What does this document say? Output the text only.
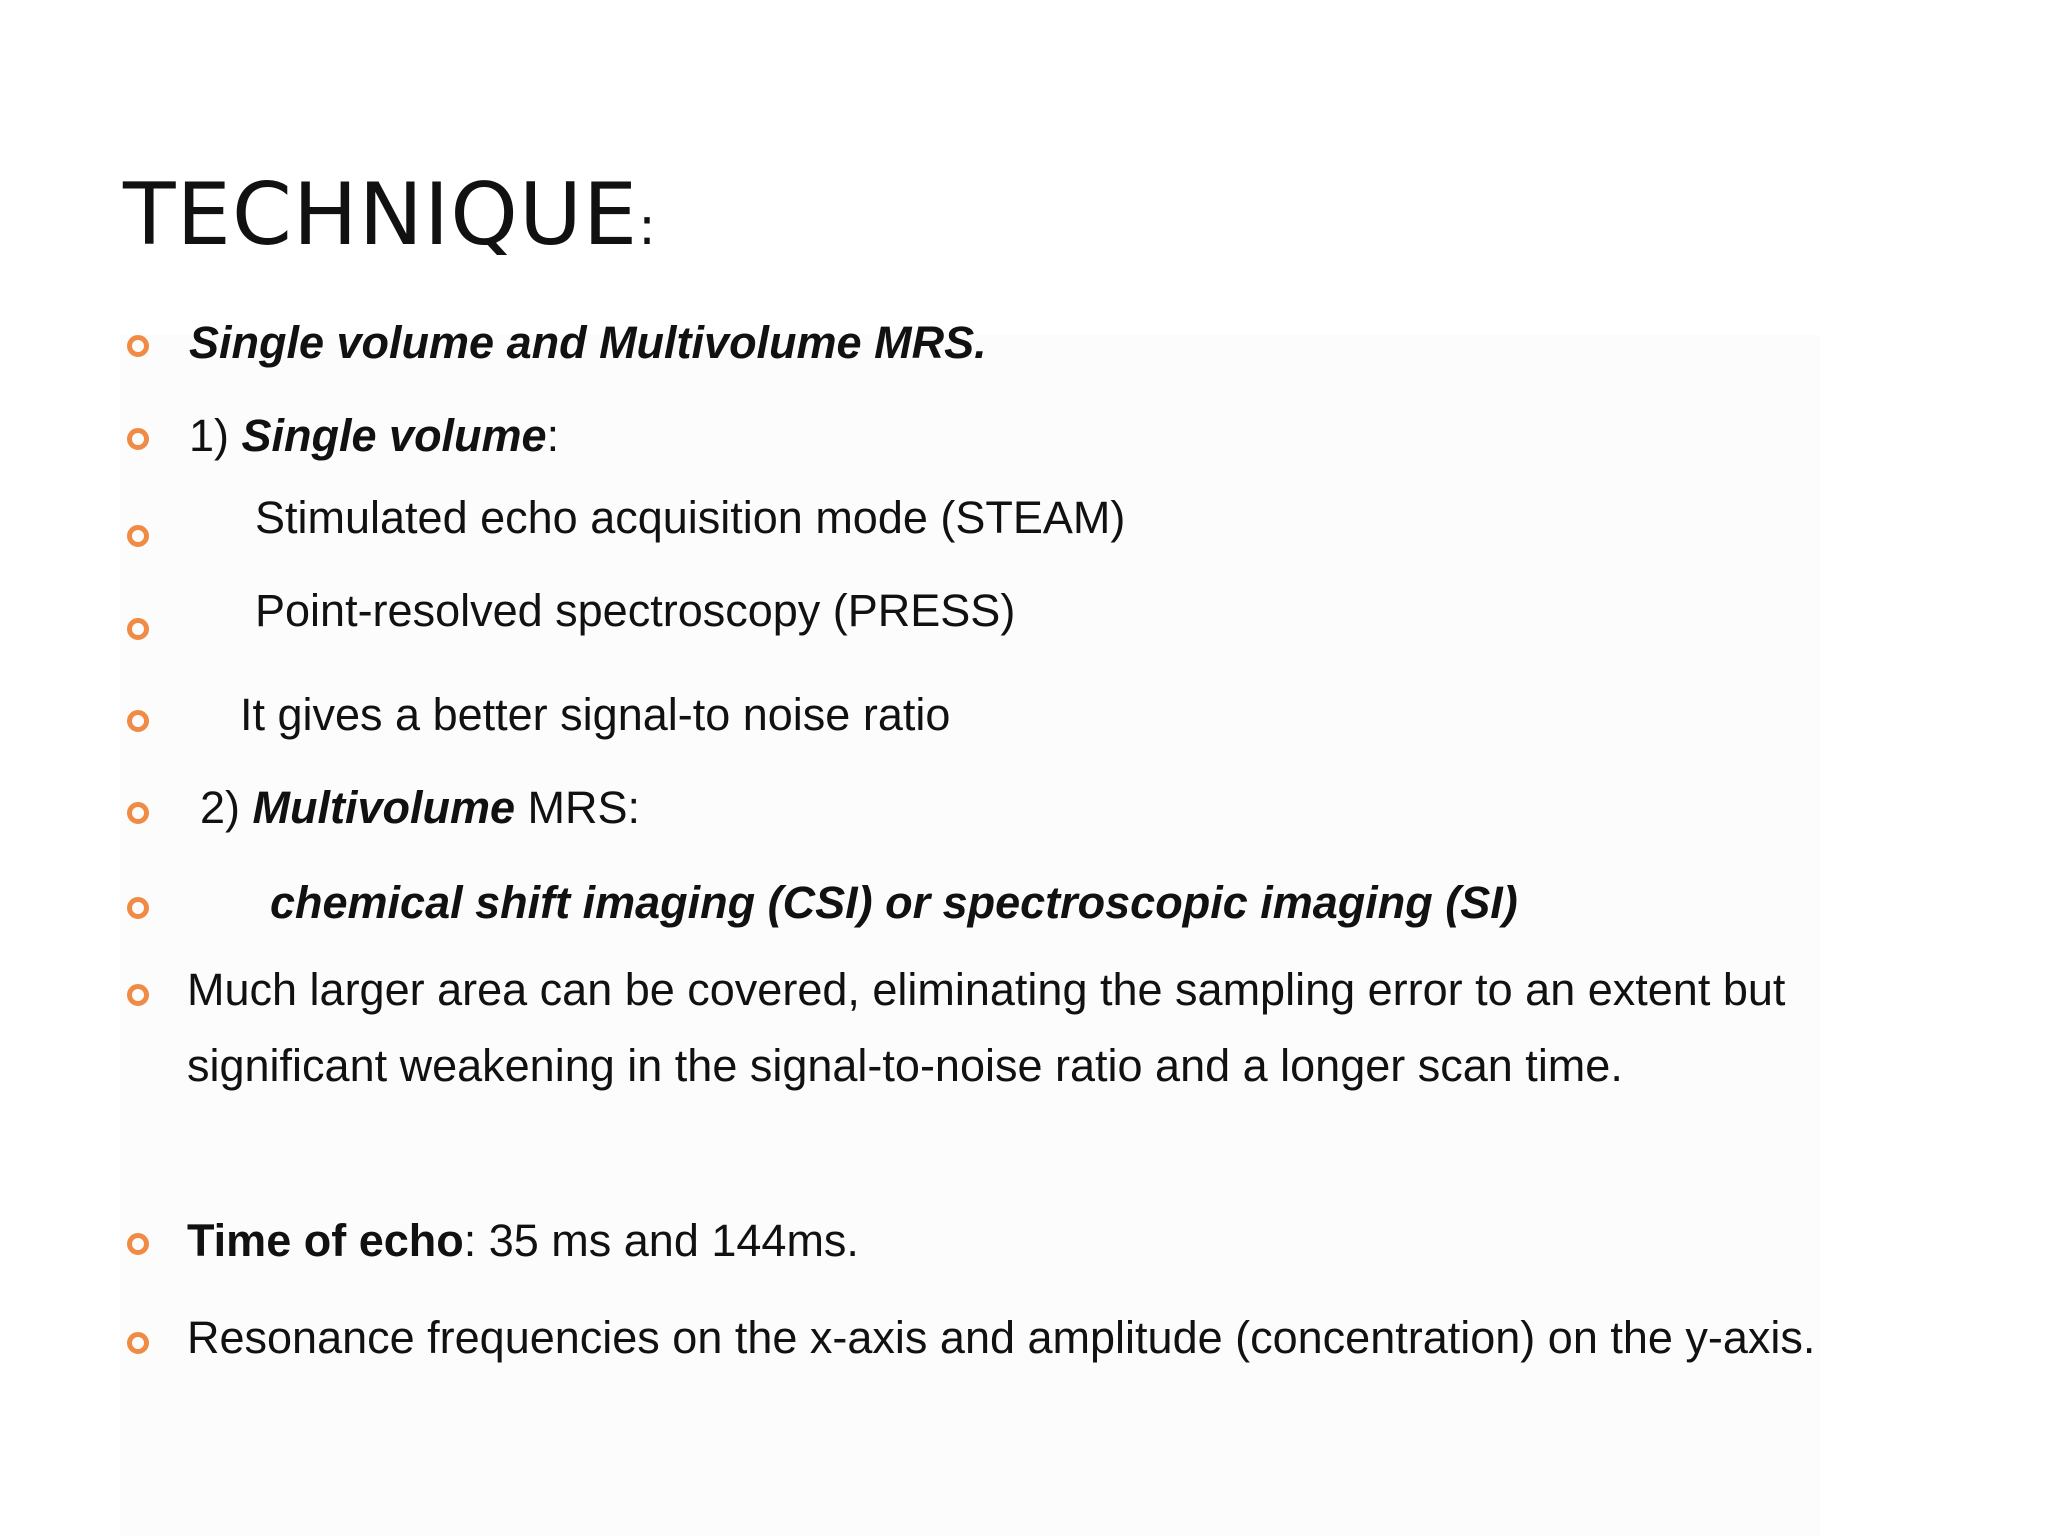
TECHNIQUE:
Single volume and Multivolume MRS.
1) Single volume:
Stimulated echo acquisition mode (STEAM)
Point-resolved spectroscopy (PRESS)
It gives a better signal-to noise ratio
2) Multivolume MRS:
chemical shift imaging (CSI) or spectroscopic imaging (SI)
Much larger area can be covered, eliminating the sampling error to an extent but significant weakening in the signal-to-noise ratio and a longer scan time.
Time of echo: 35 ms and 144ms.
Resonance frequencies on the x-axis and amplitude (concentration) on the y-axis.
